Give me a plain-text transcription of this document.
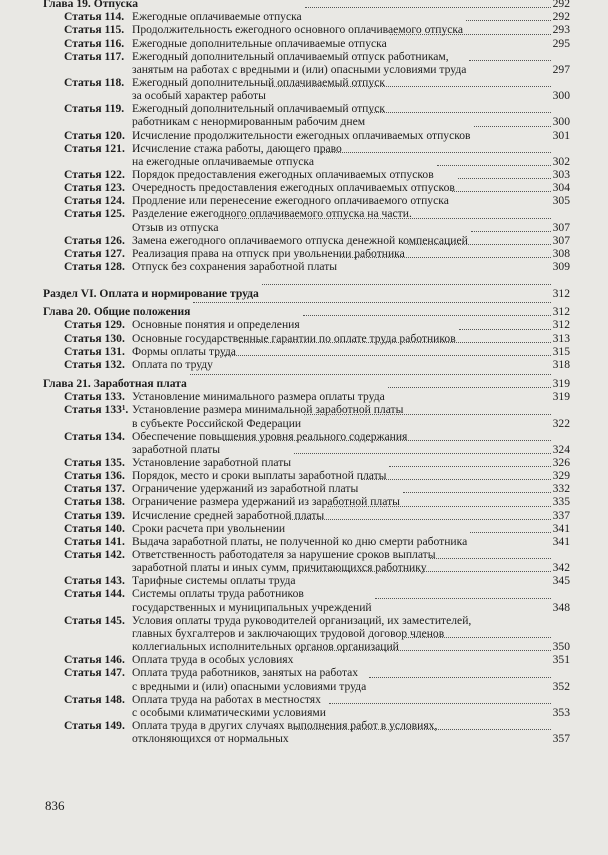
Глава 19. Отпуска	292
Статья 114. Ежегодные оплачиваемые отпуска	292
Статья 115. Продолжительность ежегодного основного оплачиваемого отпуска	293
Статья 116. Ежегодные дополнительные оплачиваемые отпуска	295
Статья 117. Ежегодный дополнительный оплачиваемый отпуск работникам,
занятым на работах с вредными и (или) опасными условиями труда	297
Статья 118. Ежегодный дополнительный оплачиваемый отпуск
за особый характер работы	300
Статья 119. Ежегодный дополнительный оплачиваемый отпуск
работникам с ненормированным рабочим днем	300
Статья 120. Исчисление продолжительности ежегодных оплачиваемых отпусков	301
Статья 121. Исчисление стажа работы, дающего право
на ежегодные оплачиваемые отпуска	302
Статья 122. Порядок предоставления ежегодных оплачиваемых отпусков	303
Статья 123. Очередность предоставления ежегодных оплачиваемых отпусков	304
Статья 124. Продление или перенесение ежегодного оплачиваемого отпуска	305
Статья 125. Разделение ежегодного оплачиваемого отпуска на части.
Отзыв из отпуска	307
Статья 126. Замена ежегодного оплачиваемого отпуска денежной компенсацией	307
Статья 127. Реализация права на отпуск при увольнении работника	308
Статья 128. Отпуск без сохранения заработной платы	309
Раздел VI. Оплата и нормирование труда	312
Глава 20. Общие положения	312
Статья 129. Основные понятия и определения	312
Статья 130. Основные государственные гарантии по оплате труда работников	313
Статья 131. Формы оплаты труда	315
Статья 132. Оплата по труду	318
Глава 21. Заработная плата	319
Статья 133. Установление минимального размера оплаты труда	319
Статья 133¹. Установление размера минимальной заработной платы
в субъекте Российской Федерации	322
Статья 134. Обеспечение повышения уровня реального содержания
заработной платы	324
Статья 135. Установление заработной платы	326
Статья 136. Порядок, место и сроки выплаты заработной платы	329
Статья 137. Ограничение удержаний из заработной платы	332
Статья 138. Ограничение размера удержаний из заработной платы	335
Статья 139. Исчисление средней заработной платы	337
Статья 140. Сроки расчета при увольнении	341
Статья 141. Выдача заработной платы, не полученной ко дню смерти работника	341
Статья 142. Ответственность работодателя за нарушение сроков выплаты
заработной платы и иных сумм, причитающихся работнику	342
Статья 143. Тарифные системы оплаты труда	345
Статья 144. Системы оплаты труда работников
государственных и муниципальных учреждений	348
Статья 145. Условия оплаты труда руководителей организаций, их заместителей,
главных бухгалтеров и заключающих трудовой договор членов
коллегиальных исполнительных органов организаций	350
Статья 146. Оплата труда в особых условиях	351
Статья 147. Оплата труда работников, занятых на работах
с вредными и (или) опасными условиями труда	352
Статья 148. Оплата труда на работах в местностях
с особыми климатическими условиями	353
Статья 149. Оплата труда в других случаях выполнения работ в условиях,
отклоняющихся от нормальных	357
836
